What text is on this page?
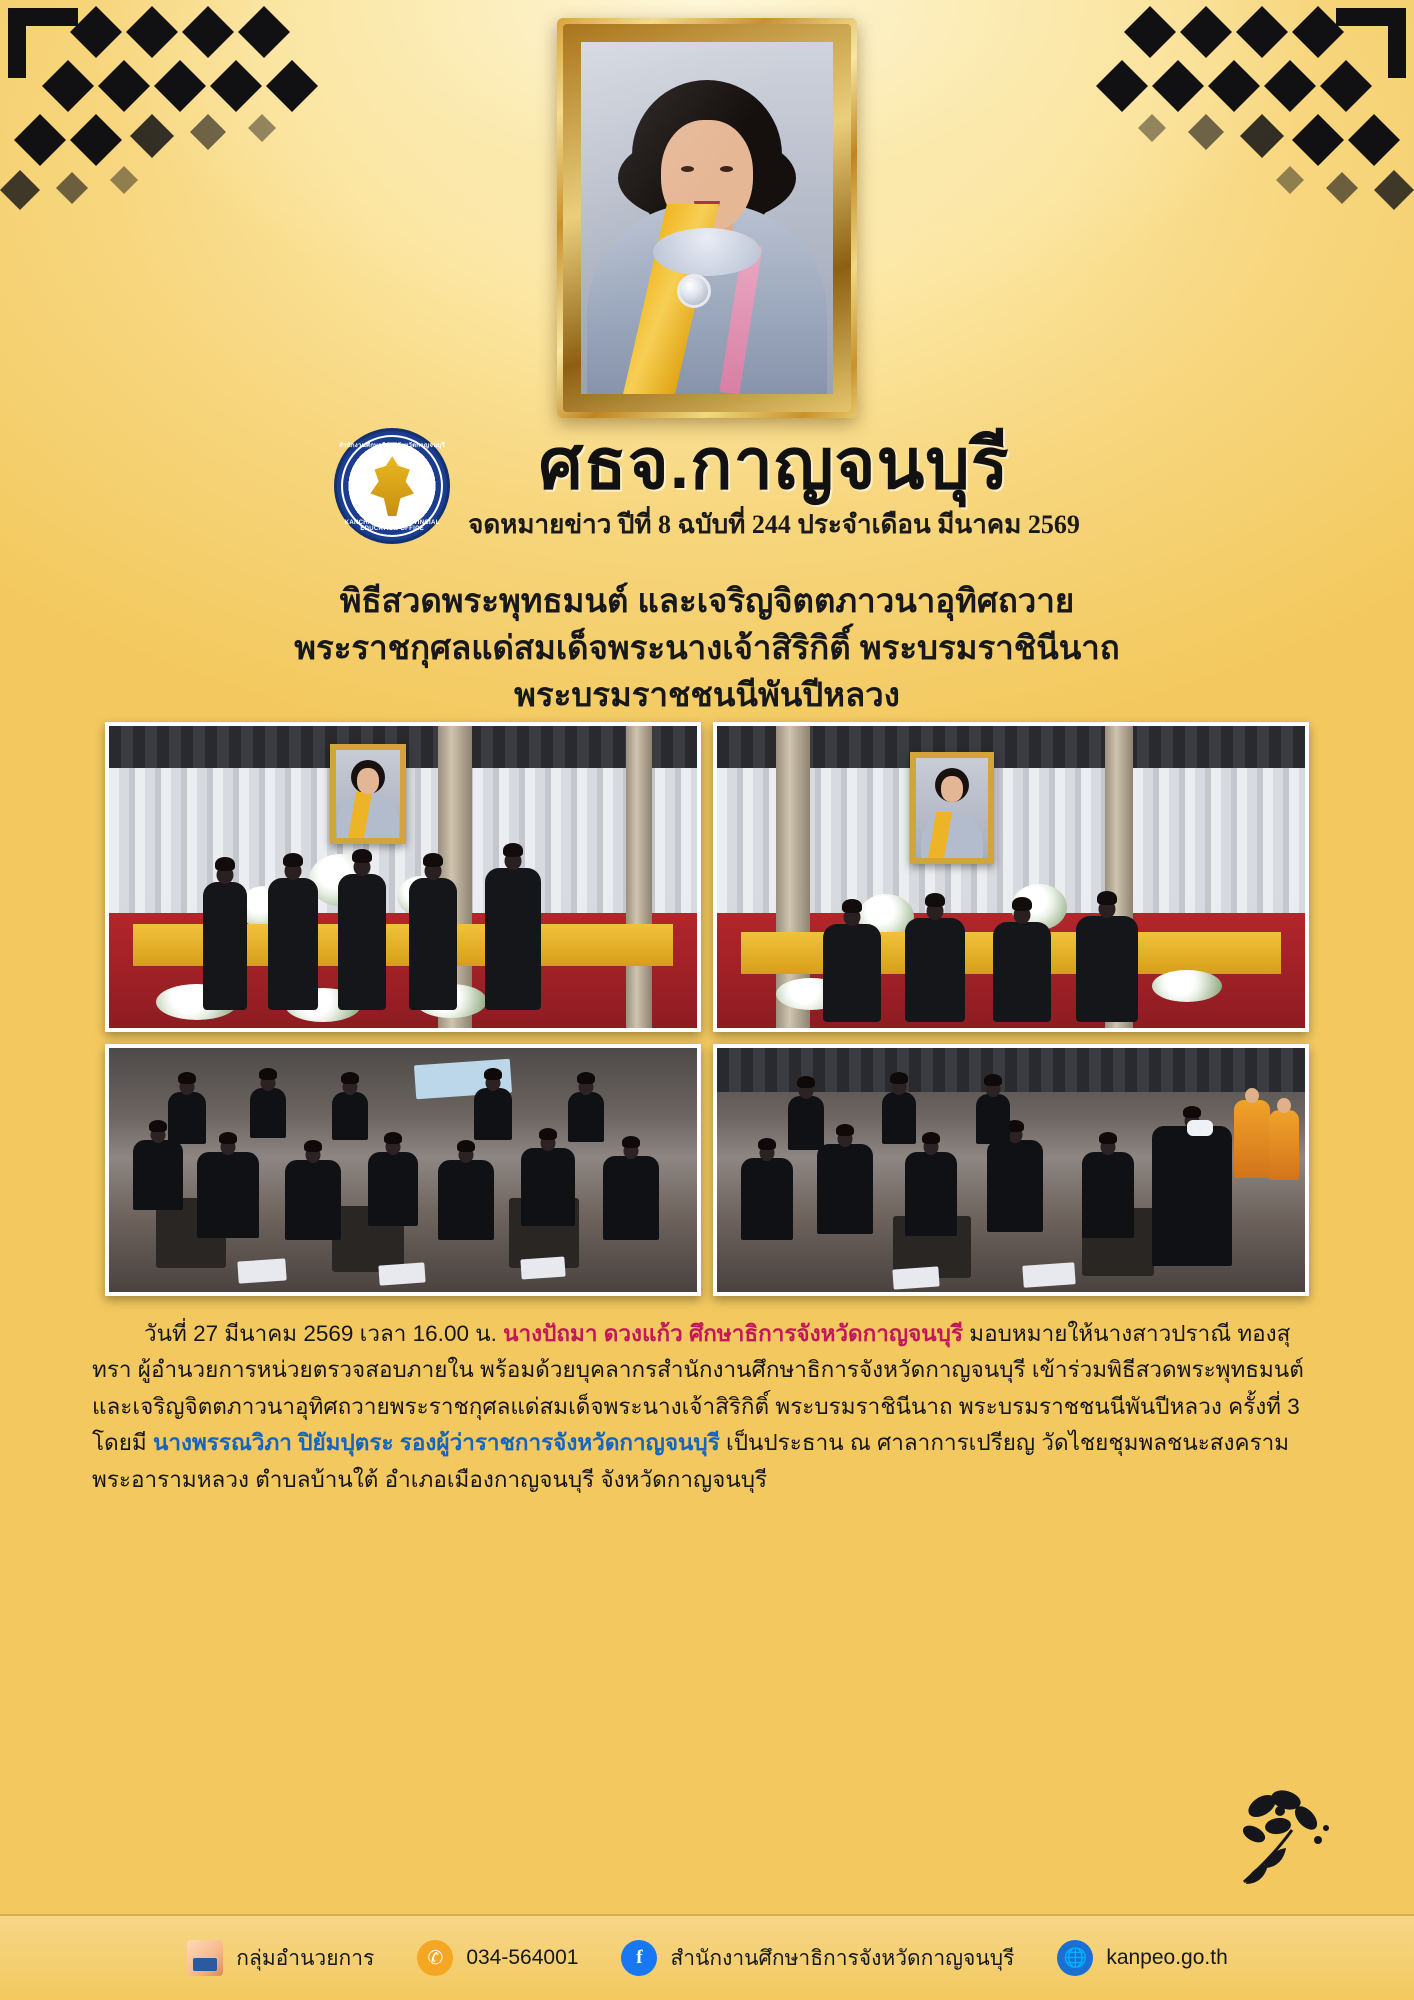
สำนักงานศึกษาธิการจังหวัดกาญจนบุรี
KANCHANABURI PROVINCIAL EDUCATION OFFICE
ศธจ.กาญจนบุรี
จดหมายข่าว ปีที่ 8 ฉบับที่ 244 ประจำเดือน มีนาคม 2569
พิธีสวดพระพุทธมนต์ และเจริญจิตตภาวนาอุทิศถวาย
พระราชกุศลแด่สมเด็จพระนางเจ้าสิริกิติ์ พระบรมราชินีนาถ
พระบรมราชชนนีพันปีหลวง
วันที่ 27 มีนาคม 2569 เวลา 16.00 น. นางปัถมา ดวงแก้ว ศึกษาธิการจังหวัดกาญจนบุรี มอบหมายให้นางสาวปราณี ทองสุทรา ผู้อำนวยการหน่วยตรวจสอบภายใน พร้อมด้วยบุคลากรสำนักงานศึกษาธิการจังหวัดกาญจนบุรี เข้าร่วมพิธีสวดพระพุทธมนต์และเจริญจิตตภาวนาอุทิศถวายพระราชกุศลแด่สมเด็จพระนางเจ้าสิริกิติ์ พระบรมราชินีนาถ พระบรมราชชนนีพันปีหลวง ครั้งที่ 3 โดยมี นางพรรณวิภา ปิยัมปุตระ รองผู้ว่าราชการจังหวัดกาญจนบุรี เป็นประธาน ณ ศาลาการเปรียญ วัดไชยชุมพลชนะสงคราม พระอารามหลวง ตำบลบ้านใต้ อำเภอเมืองกาญจนบุรี จังหวัดกาญจนบุรี
กลุ่มอำนวยการ	✆	034-564001	f	สำนักงานศึกษาธิการจังหวัดกาญจนบุรี	🌐 kanpeo.go.th
